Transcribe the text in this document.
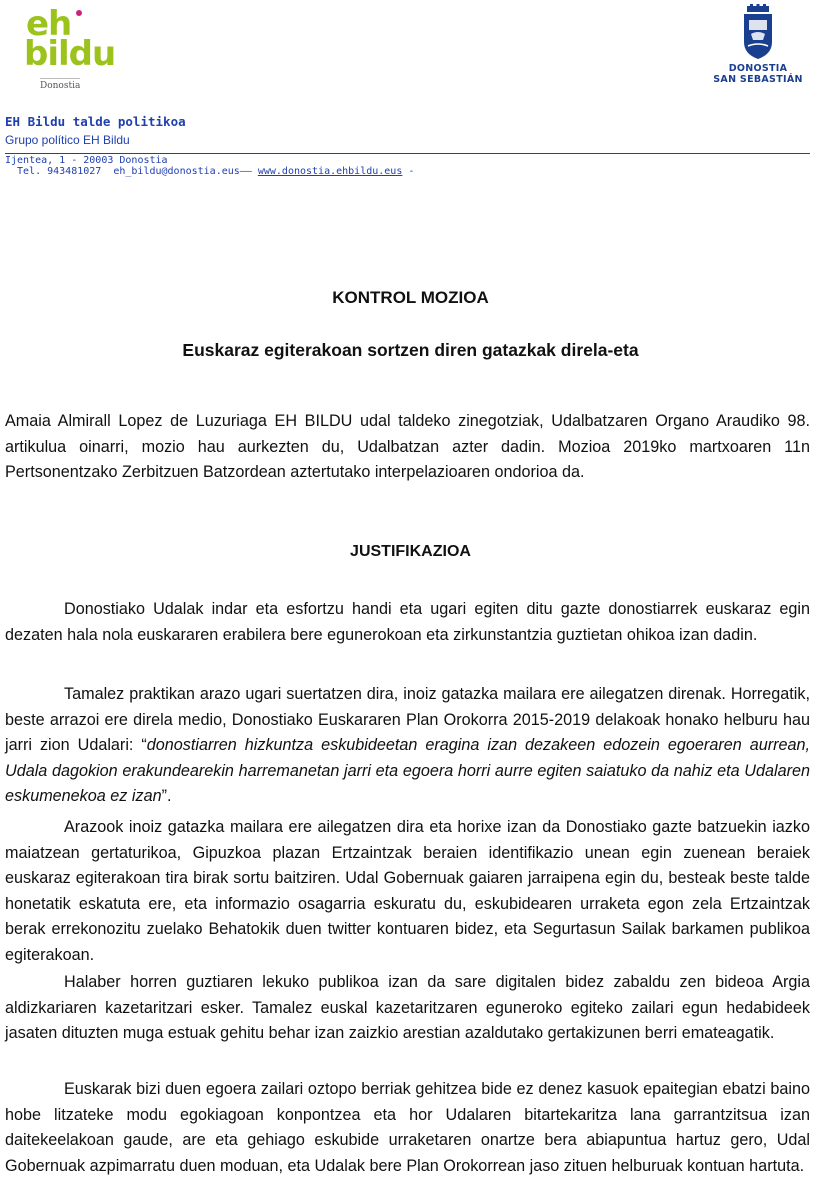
eh
bildu
Donostia
DONOSTIA
SAN SEBASTIÁN
EH Bildu talde politikoa
Grupo político EH Bildu
Ijentea, 1 - 20003 Donostia
Tel. 943481027  eh_bildu@donostia.eus–– www.donostia.ehbildu.eus -
KONTROL MOZIOA
Euskaraz egiterakoan sortzen diren gatazkak direla-eta

Amaia Almirall Lopez de Luzuriaga EH BILDU udal taldeko zinegotziak, Udalbatzaren Organo Araudiko 98. artikulua oinarri, mozio hau aurkezten du, Udalbatzan azter dadin. Mozioa 2019ko martxoaren 11n Pertsonentzako Zerbitzuen Batzordean aztertutako interpelazioaren ondorioa da.

JUSTIFIKAZIOA

Donostiako Udalak indar eta esfortzu handi eta ugari egiten ditu gazte donostiarrek euskaraz egin dezaten hala nola euskararen erabilera bere egunerokoan eta zirkunstantzia guztietan ohikoa izan dadin.

Tamalez praktikan arazo ugari suertatzen dira, inoiz gatazka mailara ere ailegatzen direnak. Horregatik, beste arrazoi ere direla medio, Donostiako Euskararen Plan Orokorra 2015-2019 delakoak honako helburu hau jarri zion Udalari: “donostiarren hizkuntza eskubideetan eragina izan dezakeen edozein egoeraren aurrean, Udala dagokion erakundearekin harremanetan jarri eta egoera horri aurre egiten saiatuko da nahiz eta Udalaren eskumenekoa ez izan”.

Arazook inoiz gatazka mailara ere ailegatzen dira eta horixe izan da Donostiako gazte batzuekin iazko maiatzean gertaturikoa, Gipuzkoa plazan Ertzaintzak beraien identifikazio unean egin zuenean beraiek euskaraz egiterakoan tira birak sortu baitziren. Udal Gobernuak gaiaren jarraipena egin du, besteak beste talde honetatik eskatuta ere, eta informazio osagarria eskuratu du, eskubidearen urraketa egon zela Ertzaintzak berak errekonozitu zuelako Behatokik duen twitter kontuaren bidez, eta Segurtasun Sailak barkamen publikoa egiterakoan.

Halaber horren guztiaren lekuko publikoa izan da sare digitalen bidez zabaldu zen bideoa Argia aldizkariaren kazetaritzari esker. Tamalez euskal kazetaritzaren eguneroko egiteko zailari egun hedabideek jasaten dituzten muga estuak gehitu behar izan zaizkio arestian azaldutako gertakizunen berri emateagatik.

Euskarak bizi duen egoera zailari oztopo berriak gehitzea bide ez denez kasuok epaitegian ebatzi baino hobe litzateke modu egokiagoan konpontzea eta hor Udalaren bitartekaritza lana garrantzitsua izan daitekeelakoan gaude, are eta gehiago eskubide urraketaren onartze bera abiapuntua hartuz gero, Udal Gobernuak azpimarratu duen moduan, eta Udalak bere Plan Orokorrean jaso zituen helburuak kontuan hartuta.
